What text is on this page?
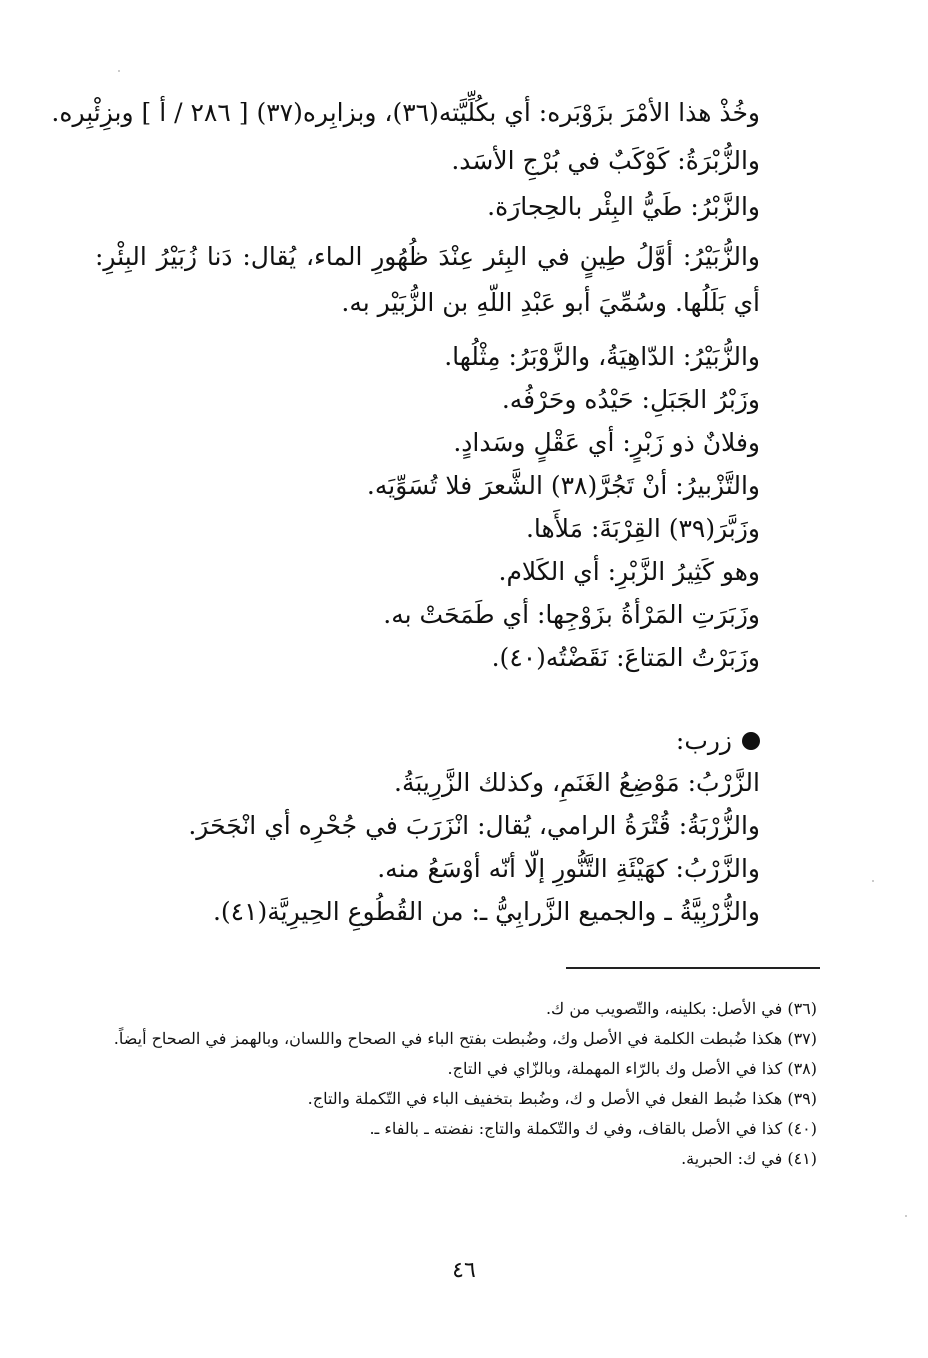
وخُذْ هذا الأمْرَ بزَوْبَره: أي بكُلِّيَّته(٣٦)، وبزابِره(٣٧) [ ٢٨٦ / أ ] وبزِئْبِره.
والزُّبْرَةُ: كَوْكَبٌ في بُرْجِ الأسَد.
والزَّبْرُ: طَيُّ البِئْر بالحِجارَة.
والزُّبَيْرُ: أوَّلُ طِينٍ في البِئر عِنْدَ ظُهُورِ الماء، يُقال: دَنا زُبَيْرُ البِئْرِ: أي بَلَلُها. وسُمِّيَ أبو عَبْدِ اللّهِ بن الزُّبَيْر به.
والزُّبَيْرُ: الدّاهِيَةُ، والزَّوْبَرُ: مِثْلُها.
وزَبْرُ الجَبَلِ: حَيْدُه وحَرْفُه.
وفلانٌ ذو زَبْرٍ: أي عَقْلٍ وسَدادٍ.
والتَّزْبيرُ: أنْ تَجُرَّ(٣٨) الشَّعرَ فلا تُسَوِّيَه.
وزَبَّرَ(٣٩) القِرْبَةَ: مَلأَها.
وهو كَثِيرُ الزَّبْرِ: أي الكَلام.
وزَبَرَتِ المَرْأةُ بزَوْجِها: أي طَمَحَتْ به.
وزَبَرْتُ المَتاعَ: نَقَضْتُه(٤٠).
زرب:
الزَّرْبُ: مَوْضِعُ الغَنَمِ، وكذلك الزَّرِيبَةُ.
والزُّرْبَةُ: قُتْرَةُ الرامي، يُقال: انْزَرَبَ في جُحْرِه أي انْجَحَرَ.
والزَّرْبُ: كهَيْئَةِ التَّنُّورِ إلّا أنّه أوْسَعُ منه.
والزُّرْبِيَّةُ ـ والجميع الزَّرابِيُّ ـ: من القُطُوعِ الحِيرِيَّة(٤١).
(٣٦) في الأصل: بكلينه، والتّصويب من ك.
(٣٧) هكذا ضُبطت الكلمة في الأصل وك، وضُبطت بفتح الباء في الصحاح واللسان، وبالهمز في الصحاح أيضاً.
(٣٨) كذا في الأصل وك بالرّاء المهملة، وبالزّاي في التاج.
(٣٩) هكذا ضُبط الفعل في الأصل و ك، وضُبط بتخفيف الباء في التّكملة والتاج.
(٤٠) كذا في الأصل بالقاف، وفي ك والتّكملة والتاج: نفضته ـ بالفاء ـ.
(٤١) في ك: الحبرية.
٤٦
